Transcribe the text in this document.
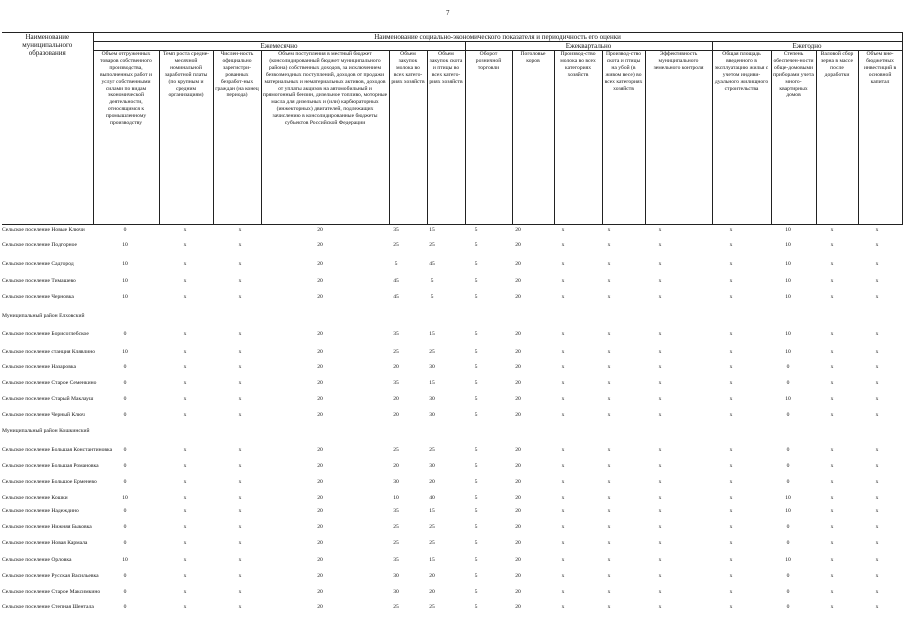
7
Наименование муниципального образования	Наименование социально-экономического показателя и периодичность его оценки														
	Ежемесячно						Ежеквартально					Ежегодно			
	Объем отгруженных товаров собственного производства, выполненных работ и услуг собственными силами по видам экономической деятельности, относящимся к промышленному производству	Темп роста средне-месячной номинальной заработной платы (по крупным и средним организациям)	Числен-ность официально зарегистри-рованных безработ-ных граждан (на конец периода)	Объем поступления в местный бюджет (консолидированный бюджет муниципального района) собственных доходов, за исключением безвозмездных поступлений, доходов от продажи материальных и нематериальных активов, доходов от уплаты акцизов на автомобильный и прямогонный бензин, дизельное топливо, моторные масла для дизельных и (или) карбюраторных (инжекторных) двигателей, подлежащих зачислению в консолидированные бюджеты субъектов Российской Федерации	Объем закупок молока во всех катего-риях хозяйств	Объем закупок скота и птицы во всех катего-риях хозяйств	Оборот розничной торговли	Поголовье коров	Производ-ство молока во всех категориях хозяйств	Производ-ство скота и птицы на убой (в живом весе) во всех категориях хозяйств	Эффективность муниципального земельного контроля	Общая площадь введенного в эксплуатацию жилья с учетом индиви-дуального жилищного строительства	Степень обеспечен-ности обще-домовыми приборами учета много-квартирных домов	Валовой сбор зерна в массе после доработки	Объем вне-бюджетных инвестиций в основной капитал
Сельское поселение Новые Ключи	0	x	x	20	35	15	5	20	x	x	x	x	10	x	x
Сельское поселение Подгорное	10	x	x	20	25	25	5	20	x	x	x	x	10	x	x
Сельское поселение Садгород	10	x	x	20	5	45	5	20	x	x	x	x	10	x	x
Сельское поселение Тимашево	10	x	x	20	45	5	5	20	x	x	x	x	10	x	x
Сельское поселение Черновка	10	x	x	20	45	5	5	20	x	x	x	x	10	x	x
Муниципальный район Елховский
Сельское поселение Борисоглебское	0	x	x	20	35	15	5	20	x	x	x	x	10	x	x
Сельское поселение станция Клявлино	10	x	x	20	25	25	5	20	x	x	x	x	10	x	x
Сельское поселение Назаровка	0	x	x	20	20	30	5	20	x	x	x	x	0	x	x
Сельское поселение Старое Семенкино	0	x	x	20	35	15	5	20	x	x	x	x	0	x	x
Сельское поселение Старый Маклауш	0	x	x	20	20	30	5	20	x	x	x	x	10	x	x
Сельское поселение Черный Ключ	0	x	x	20	20	30	5	20	x	x	x	x	0	x	x
Муниципальный район Кошкинский
Сельское поселение Большая Константиновка	0	x	x	20	25	25	5	20	x	x	x	x	0	x	x
Сельское поселение Большая Романовка	0	x	x	20	20	30	5	20	x	x	x	x	0	x	x
Сельское поселение Большое Ерменево	0	x	x	20	30	20	5	20	x	x	x	x	0	x	x
Сельское поселение Кошки	10	x	x	20	10	40	5	20	x	x	x	x	10	x	x
Сельское поселение Надеждино	0	x	x	20	35	15	5	20	x	x	x	x	10	x	x
Сельское поселение Нижняя Быковка	0	x	x	20	25	25	5	20	x	x	x	x	0	x	x
Сельское поселение Новая Кармала	0	x	x	20	25	25	5	20	x	x	x	x	0	x	x
Сельское поселение Орловка	10	x	x	20	35	15	5	20	x	x	x	x	10	x	x
Сельское поселение Русская Васильевка	0	x	x	20	30	20	5	20	x	x	x	x	0	x	x
Сельское поселение Старое Максимкино	0	x	x	20	30	20	5	20	x	x	x	x	0	x	x
Сельское поселение Степная Шентала	0	x	x	20	25	25	5	20	x	x	x	x	0	x	x
